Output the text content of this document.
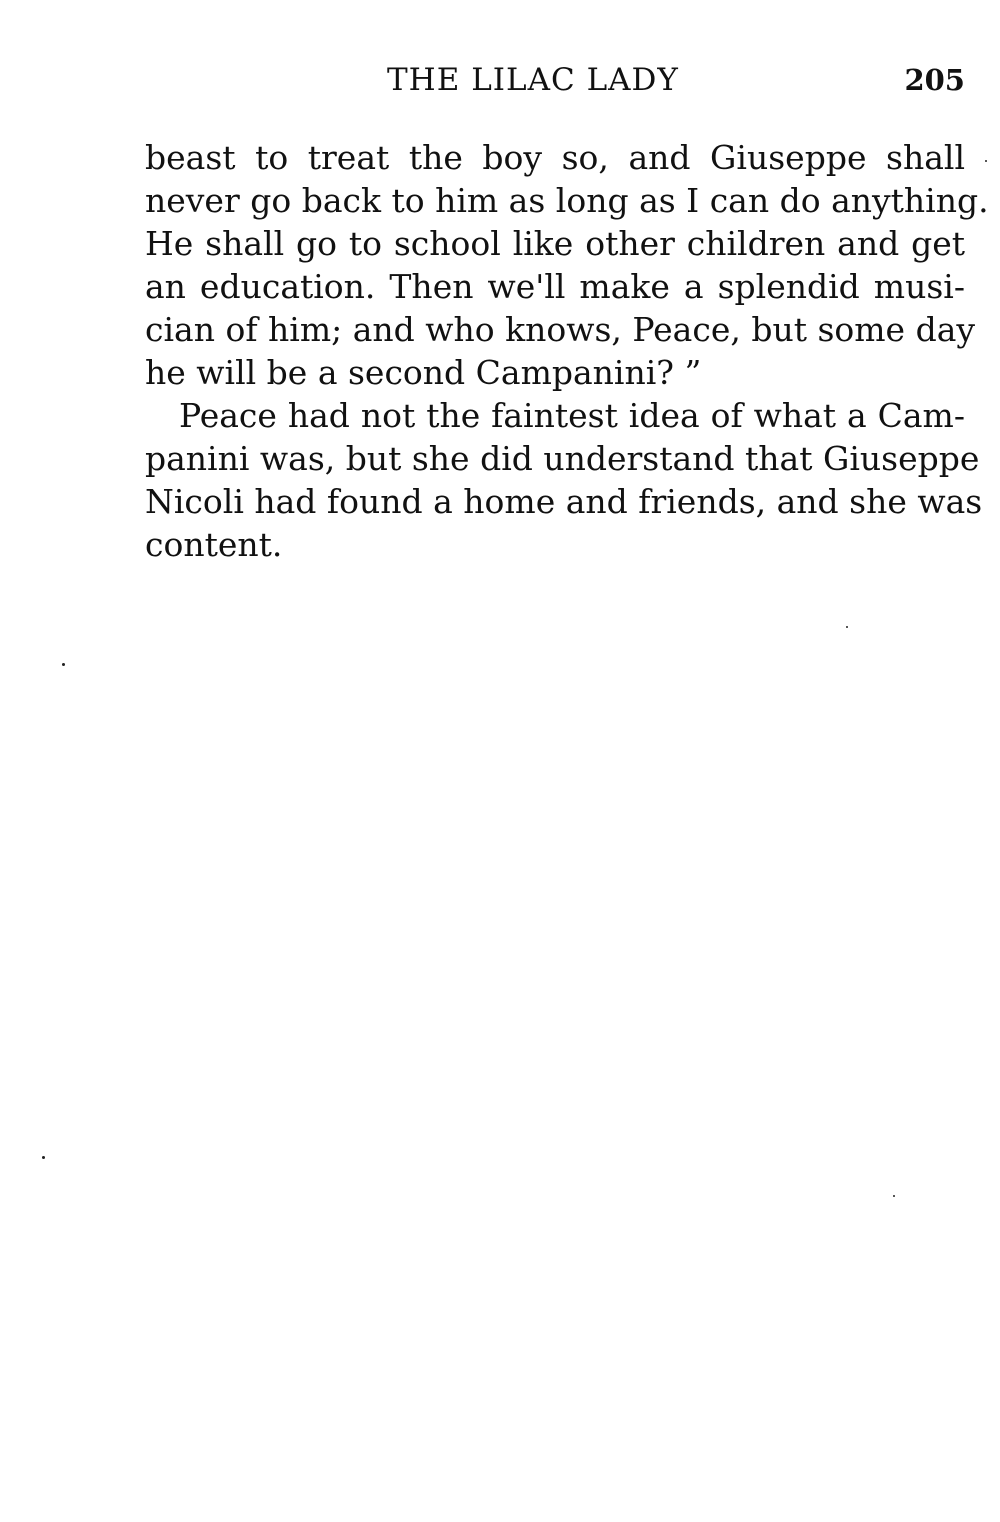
THE LILAC LADY	205
beast to treat the boy so, and Giuseppe shall
never go back to him as long as I can do anything.
He shall go to school like other children and get
an education. Then we'll make a splendid musi-
cian of him; and who knows, Peace, but some day
he will be a second Campanini? ”
Peace had not the faintest idea of what a Cam-
panini was, but she did understand that Giuseppe
Nicoli had found a home and friends, and she was
content.
